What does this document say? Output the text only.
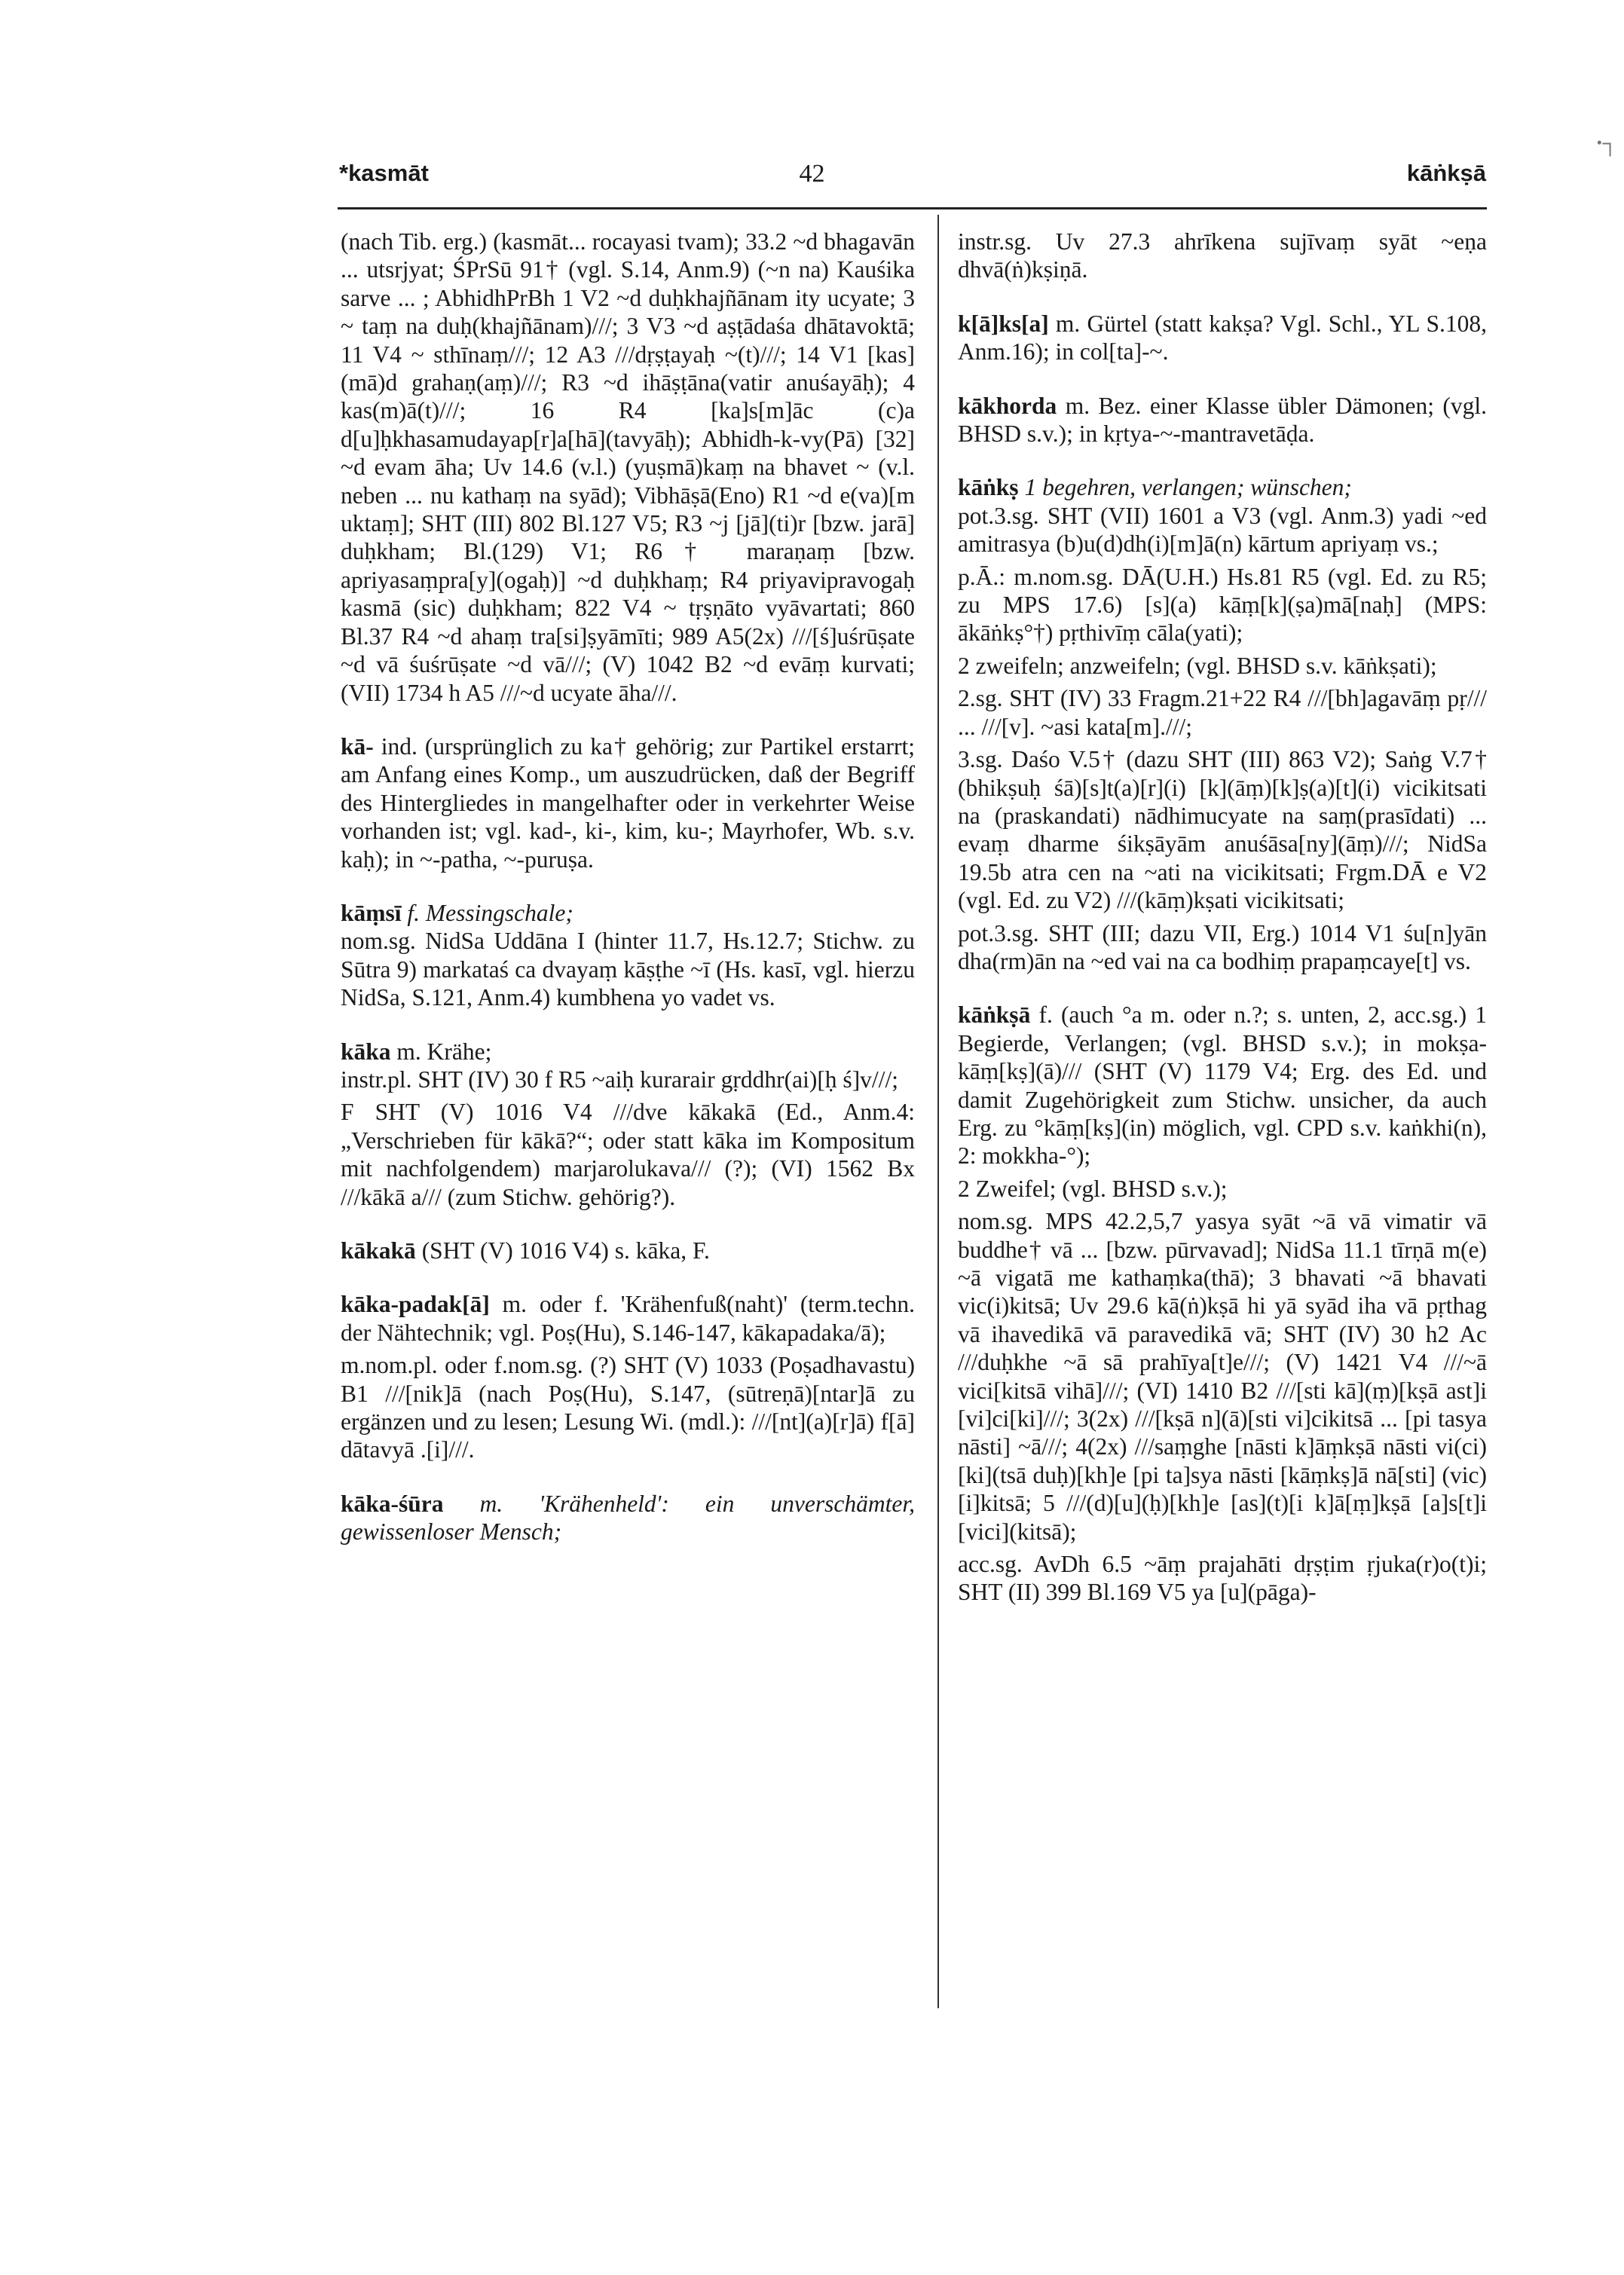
*kasmāt	42	kāṅkṣā
ꞏ┐

(nach Tib. erg.) (kasmāt... rocayasi tvam); 33.2 ~d bhagavān ... utsrjyat; ŚPrSū 91† (vgl. S.14, Anm.9) (~n na) Kauśika sarve ... ; AbhidhPrBh 1 V2 ~d duḥkhajñānam ity ucyate; 3 ~ taṃ na duḥ(khajñānam)///; 3 V3 ~d aṣṭādaśa dhātavoktā; 11 V4 ~ sthīnaṃ///; 12 A3 ///dṛṣṭayaḥ ~(t)///; 14 V1 [kas](mā)d grahaṇ(aṃ)///; R3 ~d ihāṣṭāna(vatir anuśayāḥ); 4 kas(m)ā(t)///; 16 R4 [ka]s[m]āc (c)a d[u]ḥkhasamudayap[r]a[hā](tavyāḥ); Abhidh-k-vy(Pā) [32] ~d evam āha; Uv 14.6 (v.l.) (yuṣmā)kaṃ na bhavet ~ (v.l. neben ... nu kathaṃ na syād); Vibhāṣā(Eno) R1 ~d e(va)[m uktaṃ]; SHT (III) 802 Bl.127 V5; R3 ~j [jā](ti)r [bzw. jarā] duḥkham; Bl.(129) V1; R6† maraṇaṃ [bzw. apriyasaṃpra[y](ogaḥ)] ~d duḥkhaṃ; R4 priyavipravogaḥ kasmā (sic) duḥkham; 822 V4 ~ tṛṣṇāto vyāvartati; 860 Bl.37 R4 ~d ahaṃ tra[si]ṣyāmīti; 989 A5(2x) ///[ś]uśrūṣate ~d vā śuśrūṣate ~d vā///; (V) 1042 B2 ~d evāṃ kurvati; (VII) 1734 h A5 ///~d ucyate āha///.

kā- ind. (ursprünglich zu ka† gehörig; zur Partikel erstarrt; am Anfang eines Komp., um auszudrücken, daß der Begriff des Hintergliedes in mangelhafter oder in verkehrter Weise vorhanden ist; vgl. kad-, ki-, kim, ku-; Mayrhofer, Wb. s.v. kaḥ); in ~-patha, ~-puruṣa.

kāṃsī f. Messingschale;

nom.sg. NidSa Uddāna I (hinter 11.7, Hs.12.7; Stichw. zu Sūtra 9) markataś ca dvayaṃ kāṣṭhe ~ī (Hs. kasī, vgl. hierzu NidSa, S.121, Anm.4) kumbhena yo vadet vs.

kāka m. Krähe;

instr.pl. SHT (IV) 30 f R5 ~aiḥ kurarair gṛddhr(ai)[ḥ ś]v///;

F SHT (V) 1016 V4 ///dve kākakā (Ed., Anm.4: „Verschrieben für kākā?“; oder statt kāka im Kompositum mit nachfolgendem) marjarolukava/// (?); (VI) 1562 Bx ///kākā a/// (zum Stichw. gehörig?).

kākakā (SHT (V) 1016 V4) s. kāka, F.

kāka-padak[ā] m. oder f. 'Krähenfuß(naht)' (term.techn. der Nähtechnik; vgl. Poṣ(Hu), S.146-147, kākapadaka/ā);

m.nom.pl. oder f.nom.sg. (?) SHT (V) 1033 (Poṣadhavastu) B1 ///[nik]ā (nach Poṣ(Hu), S.147, (sūtreṇā)[ntar]ā zu ergänzen und zu lesen; Lesung Wi. (mdl.): ///[nt](a)[r]ā) f[ā] dātavyā .[i]///.

kāka-śūra m. 'Krähenheld': ein unverschämter, gewissenloser Mensch;

instr.sg. Uv 27.3 ahrīkena sujīvaṃ syāt ~eṇa dhvā(ṅ)kṣiṇā.

k[ā]ks[a] m. Gürtel (statt kakṣa? Vgl. Schl., YL S.108, Anm.16); in col[ta]-~.

kākhorda m. Bez. einer Klasse übler Dämonen; (vgl. BHSD s.v.); in kṛtya-~-mantravetāḍa.

kāṅkṣ 1 begehren, verlangen; wünschen;

pot.3.sg. SHT (VII) 1601 a V3 (vgl. Anm.3) yadi ~ed amitrasya (b)u(d)dh(i)[m]ā(n) kārtum apriyaṃ vs.;

p.Ā.: m.nom.sg. DĀ(U.H.) Hs.81 R5 (vgl. Ed. zu R5; zu MPS 17.6) [s](a) kāṃ[k](ṣa)mā[naḥ] (MPS: ākāṅkṣ°†) pṛthivīṃ cāla(yati);

2 zweifeln; anzweifeln; (vgl. BHSD s.v. kāṅkṣati);

2.sg. SHT (IV) 33 Fragm.21+22 R4 ///[bh]agavāṃ pṛ/// ... ///[v]. ~asi kata[m].///;

3.sg. Daśo V.5† (dazu SHT (III) 863 V2); Saṅg V.7† (bhikṣuḥ śā)[s]t(a)[r](i) [k](āṃ)[k]ṣ(a)[t](i) vicikitsati na (praskandati) nādhimucyate na saṃ(prasīdati) ... evaṃ dharme śikṣāyām anuśāsa[ny](āṃ)///; NidSa 19.5b atra cen na ~ati na vicikitsati; Frgm.DĀ e V2 (vgl. Ed. zu V2) ///(kāṃ)kṣati vicikitsati;

pot.3.sg. SHT (III; dazu VII, Erg.) 1014 V1 śu[n]yān dha(rm)ān na ~ed vai na ca bodhiṃ prapaṃcaye[t] vs.

kāṅkṣā f. (auch °a m. oder n.?; s. unten, 2, acc.sg.) 1 Begierde, Verlangen; (vgl. BHSD s.v.); in mokṣa-kāṃ[kṣ](ā)/// (SHT (V) 1179 V4; Erg. des Ed. und damit Zugehörigkeit zum Stichw. unsicher, da auch Erg. zu °kāṃ[kṣ](in) möglich, vgl. CPD s.v. kaṅkhi(n), 2: mokkha-°);

2 Zweifel; (vgl. BHSD s.v.);

nom.sg. MPS 42.2,5,7 yasya syāt ~ā vā vimatir vā buddhe† vā ... [bzw. pūrvavad]; NidSa 11.1 tīrṇā m(e) ~ā vigatā me kathaṃka(thā); 3 bhavati ~ā bhavati vic(i)kitsā; Uv 29.6 kā(ṅ)kṣā hi yā syād iha vā pṛthag vā ihavedikā vā paravedikā vā; SHT (IV) 30 h2 Ac ///duḥkhe ~ā sā prahīya[t]e///; (V) 1421 V4 ///~ā vici[kitsā vihā]///; (VI) 1410 B2 ///[sti kā](ṃ)[kṣā ast]i [vi]ci[ki]///; 3(2x) ///[kṣā n](ā)[sti vi]cikitsā ... [pi tasya nāsti] ~ā///; 4(2x) ///saṃghe [nāsti k]āṃkṣā nāsti vi(ci)[ki](tsā duḥ)[kh]e [pi ta]sya nāsti [kāṃkṣ]ā nā[sti] (vic)[i]kitsā; 5 ///(d)[u](ḥ)[kh]e [as](t)[i k]ā[ṃ]kṣā [a]s[t]i [vici](kitsā);

acc.sg. AvDh 6.5 ~āṃ prajahāti dṛṣṭim ṛjuka(r)o(t)i; SHT (II) 399 Bl.169 V5 ya [u](pāga)-
